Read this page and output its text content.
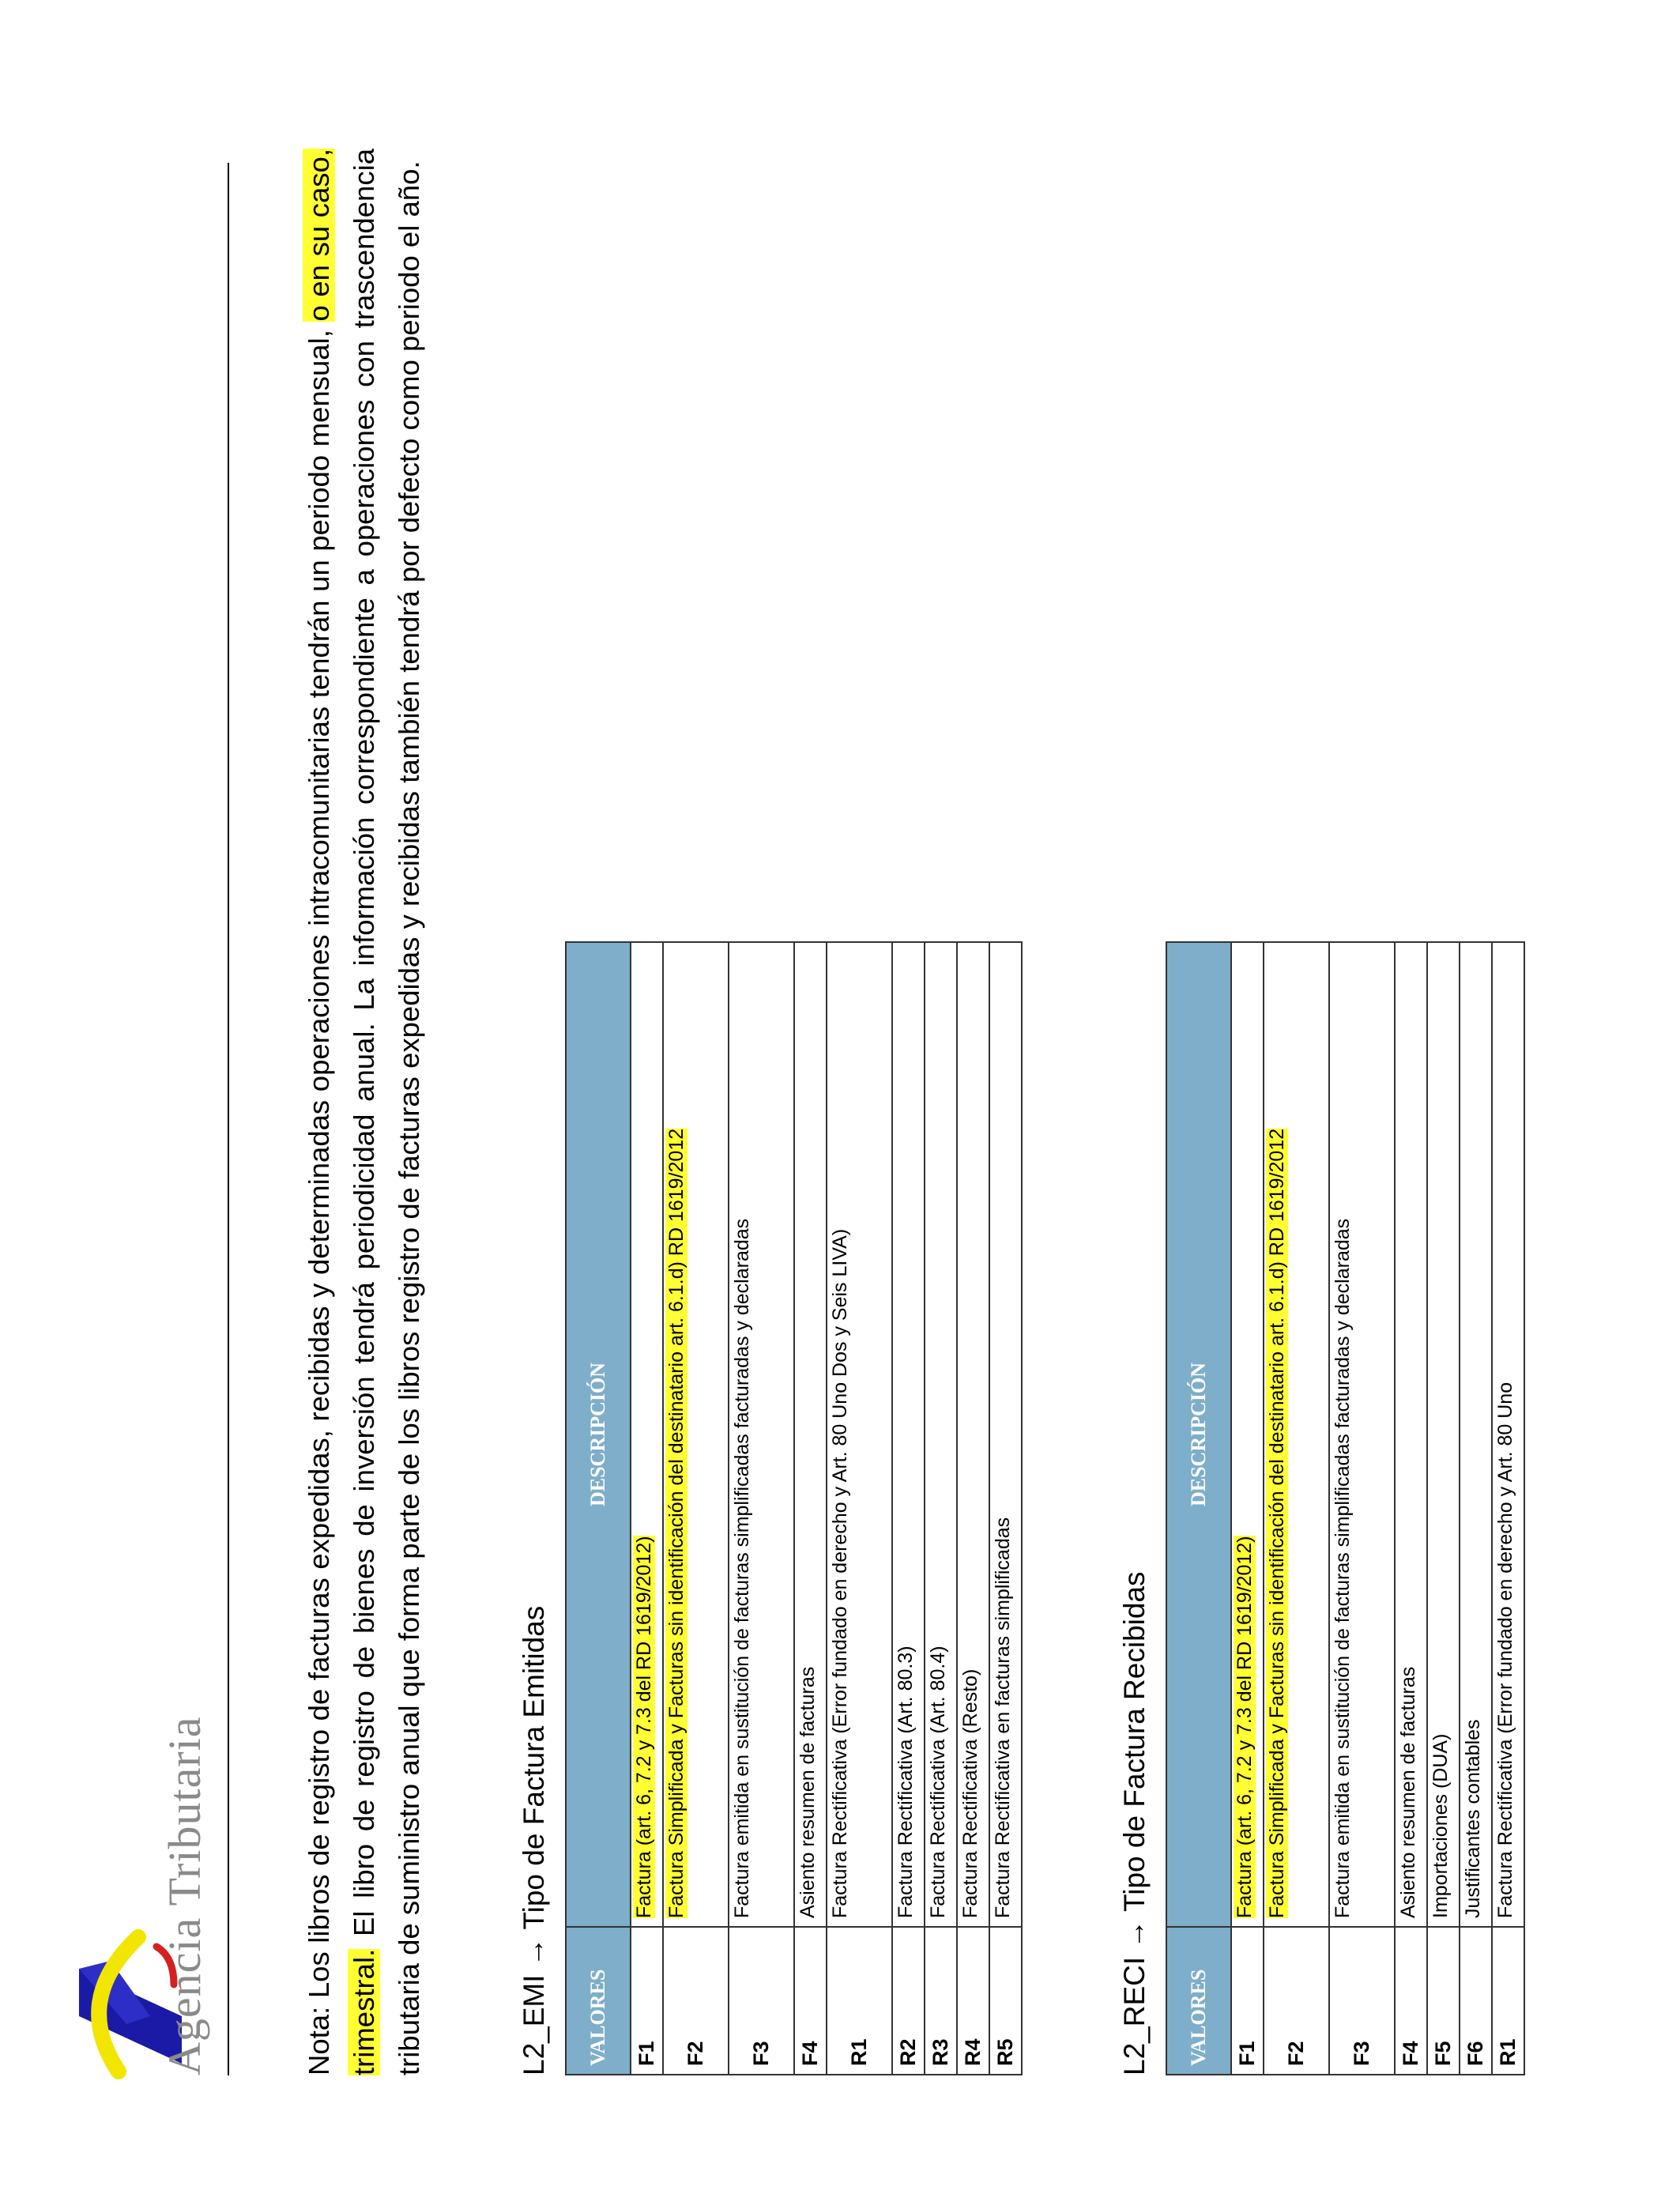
Agencia Tributaria	Nota: Los libros de registro de facturas expedidas, recibidas y determinadas operaciones intracomunitarias tendrán un periodo mensual, o en su caso, trimestral. El libro de registro de bienes de inversión tendrá periodicidad anual. La información correspondiente a operaciones con trascendencia tributaria de suministro anual que forma parte de los libros registro de facturas expedidas y recibidas también tendrá por defecto como periodo el año.	L2_EMI → Tipo de Factura Emitidas VALORES	DESCRIPCIÓN
F1	Factura (art. 6, 7.2 y 7.3 del RD 1619/2012)
F2	Factura Simplificada y Facturas sin identificación del destinatario art. 6.1.d) RD 1619/2012
F3	Factura emitida en sustitución de facturas simplificadas facturadas y declaradas
F4	Asiento resumen de facturas
R1	Factura Rectificativa (Error fundado en derecho y Art. 80 Uno Dos y Seis LIVA)
R2	Factura Rectificativa (Art. 80.3)
R3	Factura Rectificativa (Art. 80.4)
R4	Factura Rectificativa (Resto)
R5	Factura Rectificativa en facturas simplificadas	L2_RECI → Tipo de Factura Recibidas VALORES	DESCRIPCIÓN
F1	Factura (art. 6, 7.2 y 7.3 del RD 1619/2012)
F2	Factura Simplificada y Facturas sin identificación del destinatario art. 6.1.d) RD 1619/2012
F3	Factura emitida en sustitución de facturas simplificadas facturadas y declaradas
F4	Asiento resumen de facturas
F5	Importaciones (DUA)
F6	Justificantes contables
R1	Factura Rectificativa (Error fundado en derecho y Art. 80 Uno
